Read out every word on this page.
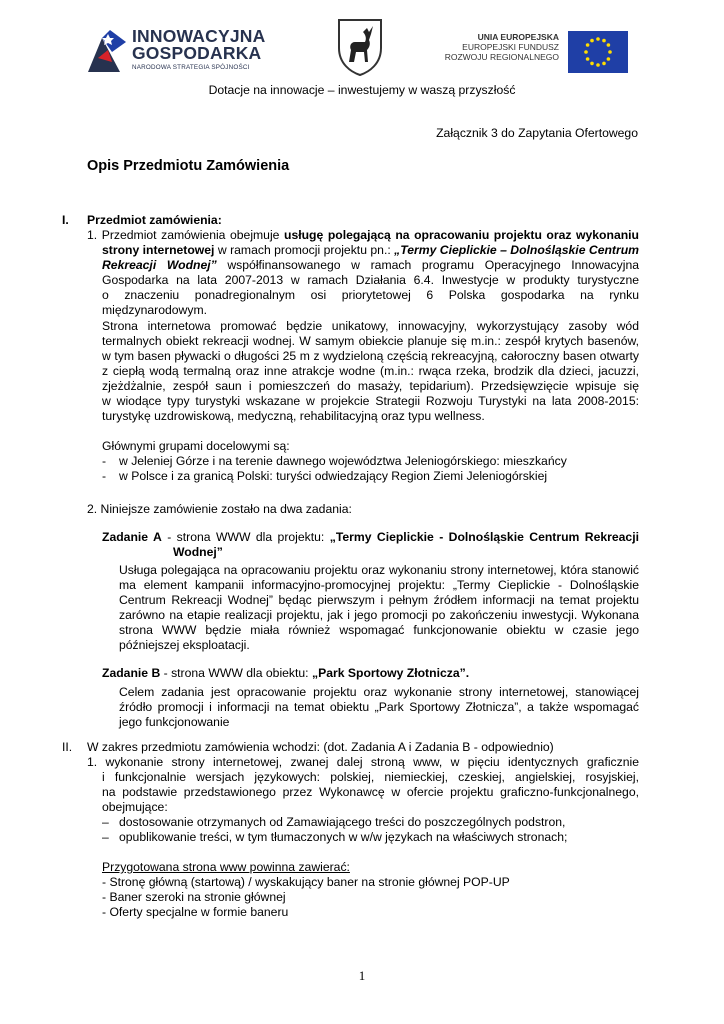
INNOWACYJNA
GOSPODARKA
NARODOWA STRATEGIA SPÓJNOŚCI
UNIA EUROPEJSKA
EUROPEJSKI FUNDUSZ
ROZWOJU REGIONALNEGO
Dotacje na innowacje – inwestujemy w waszą przyszłość
Załącznik 3 do Zapytania Ofertowego
Opis Przedmiotu Zamówienia
I. Przedmiot zamówienia:
1. Przedmiot zamówienia obejmuje usługę polegającą na opracowaniu projektu oraz wykonaniu
strony internetowej w ramach promocji projektu pn.: „Termy Cieplickie – Dolnośląskie Centrum
Rekreacji Wodnej” współfinansowanego w ramach programu Operacyjnego Innowacyjna
Gospodarka na lata 2007-2013 w ramach Działania 6.4. Inwestycje w produkty turystyczne
o znaczeniu ponadregionalnym osi priorytetowej 6 Polska gospodarka na rynku
międzynarodowym.
Strona internetowa promować będzie unikatowy, innowacyjny, wykorzystujący zasoby wód
termalnych obiekt rekreacji wodnej. W samym obiekcie planuje się m.in.: zespół krytych basenów,
w tym basen pływacki o długości 25 m z wydzieloną częścią rekreacyjną, całoroczny basen otwarty
z ciepłą wodą termalną oraz inne atrakcje wodne (m.in.: rwąca rzeka, brodzik dla dzieci, jacuzzi,
zjeżdżalnie, zespół saun i pomieszczeń do masaży, tepidarium). Przedsięwzięcie wpisuje się
w wiodące typy turystyki wskazane w projekcie Strategii Rozwoju Turystyki na lata 2008-2015:
turystykę uzdrowiskową, medyczną, rehabilitacyjną oraz typu wellness.
Głównymi grupami docelowymi są:
- w Jeleniej Górze i na terenie dawnego województwa Jeleniogórskiego: mieszkańcy
- w Polsce i za granicą Polski: turyści odwiedzający Region Ziemi Jeleniogórskiej
2. Niniejsze zamówienie zostało na dwa zadania:
Zadanie A - strona WWW dla projektu: „Termy Cieplickie - Dolnośląskie Centrum Rekreacji
Wodnej”
Usługa polegająca na opracowaniu projektu oraz wykonaniu strony internetowej, która stanowić
ma element kampanii informacyjno-promocyjnej projektu: „Termy Cieplickie - Dolnośląskie
Centrum Rekreacji Wodnej” będąc pierwszym i pełnym źródłem informacji na temat projektu
zarówno na etapie realizacji projektu, jak i jego promocji po zakończeniu inwestycji. Wykonana
strona WWW będzie miała również wspomagać funkcjonowanie obiektu w czasie jego
późniejszej eksploatacji.
Zadanie B - strona WWW dla obiektu: „Park Sportowy Złotnicza”.
Celem zadania jest opracowanie projektu oraz wykonanie strony internetowej, stanowiącej
źródło promocji i informacji na temat obiektu „Park Sportowy Złotnicza”, a także wspomagać
jego funkcjonowanie
II. W zakres przedmiotu zamówienia wchodzi: (dot. Zadania A i Zadania B - odpowiednio)
1. wykonanie strony internetowej, zwanej dalej stroną www, w pięciu identycznych graficznie
i funkcjonalnie wersjach językowych: polskiej, niemieckiej, czeskiej, angielskiej, rosyjskiej,
na podstawie przedstawionego przez Wykonawcę w ofercie projektu graficzno-funkcjonalnego,
obejmujące:
– dostosowanie otrzymanych od Zamawiającego treści do poszczególnych podstron,
– opublikowanie treści, w tym tłumaczonych w w/w językach na właściwych stronach;
Przygotowana strona www powinna zawierać:
- Stronę główną (startową) / wyskakujący baner na stronie głównej POP-UP
- Baner szeroki na stronie głównej
- Oferty specjalne w formie baneru
1
